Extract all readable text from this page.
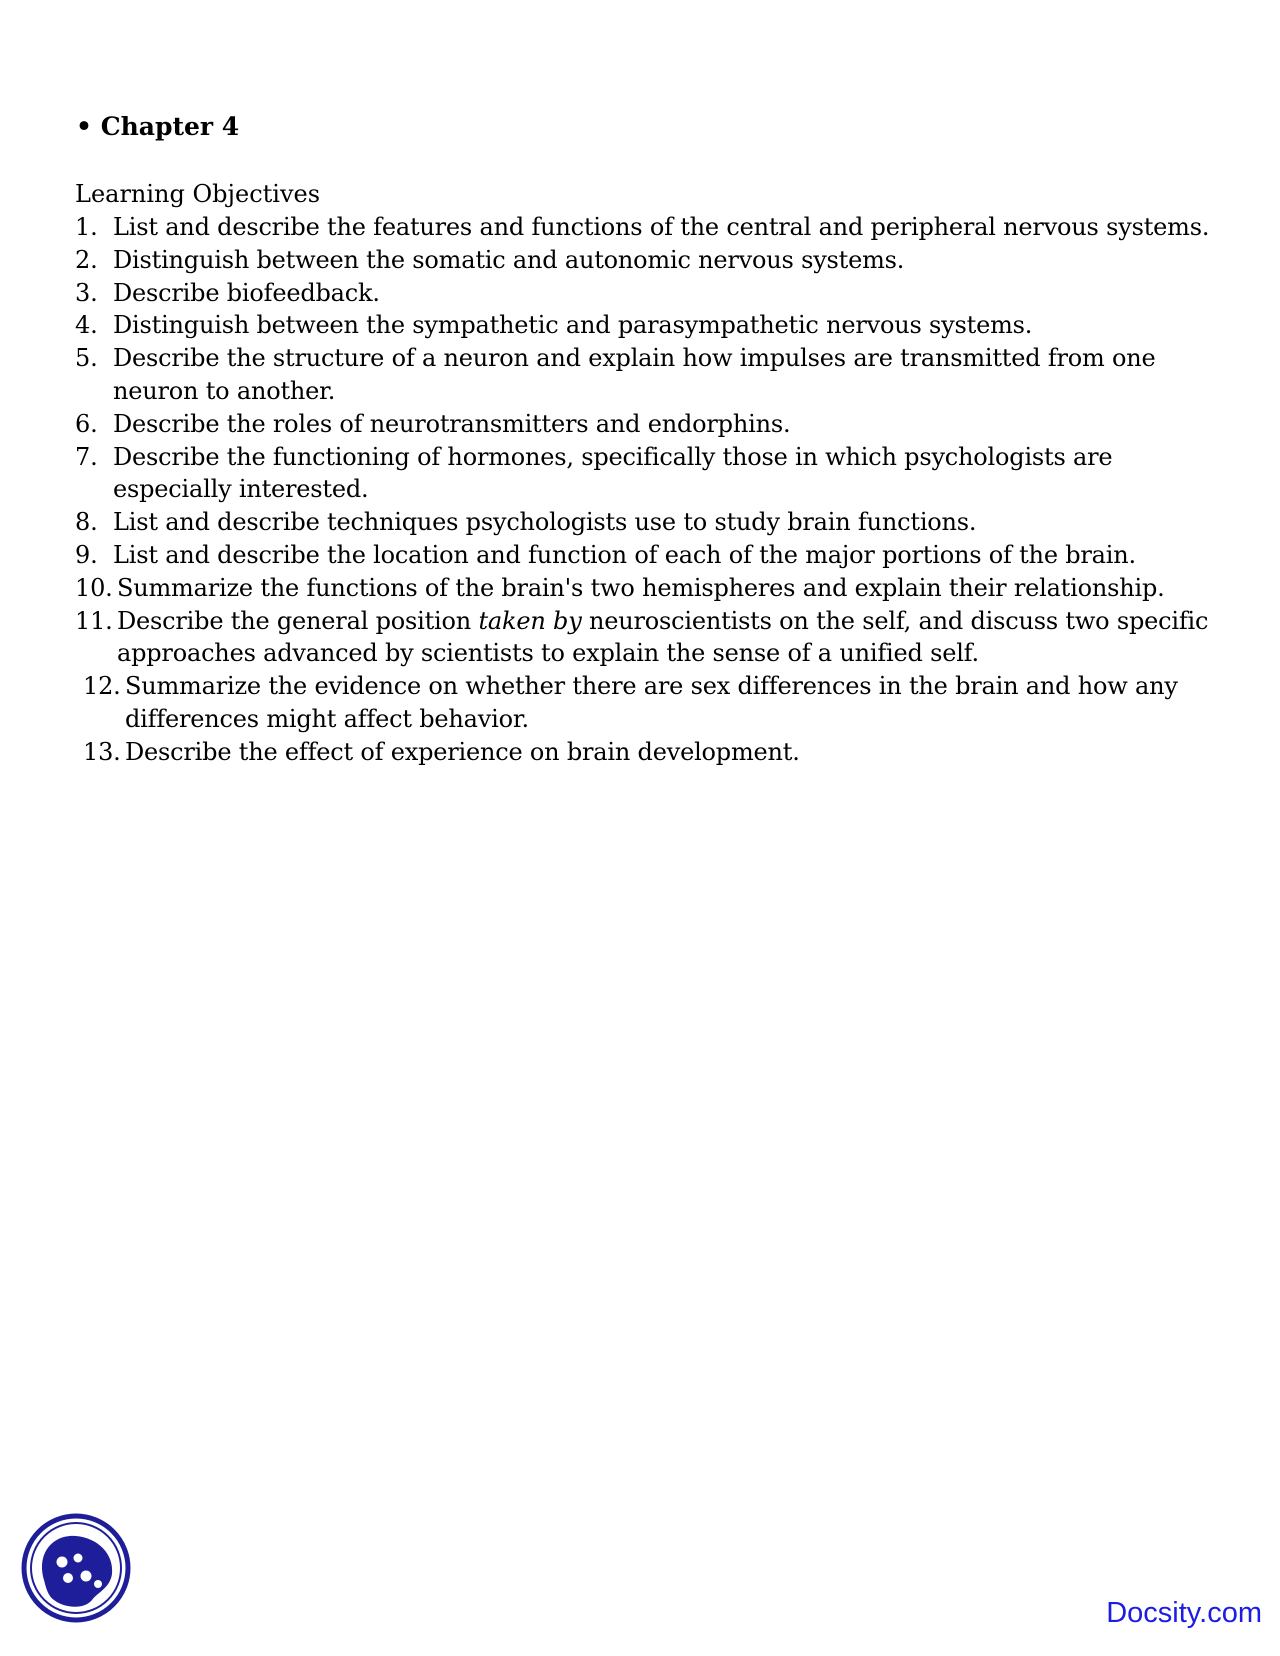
• Chapter 4
Learning Objectives
1. List and describe the features and functions of the central and peripheral nervous systems.
2. Distinguish between the somatic and autonomic nervous systems.
3. Describe biofeedback.
4. Distinguish between the sympathetic and parasympathetic nervous systems.
5. Describe the structure of a neuron and explain how impulses are transmitted from one
neuron to another.
6. Describe the roles of neurotransmitters and endorphins.
7. Describe the functioning of hormones, specifically those in which psychologists are
especially interested.
8. List and describe techniques psychologists use to study brain functions.
9. List and describe the location and function of each of the major portions of the brain.
10. Summarize the functions of the brain's two hemispheres and explain their relationship.
11. Describe the general position taken by neuroscientists on the self, and discuss two specific
approaches advanced by scientists to explain the sense of a unified self.
12. Summarize the evidence on whether there are sex differences in the brain and how any
differences might affect behavior.
13. Describe the effect of experience on brain development.
Docsity.com
